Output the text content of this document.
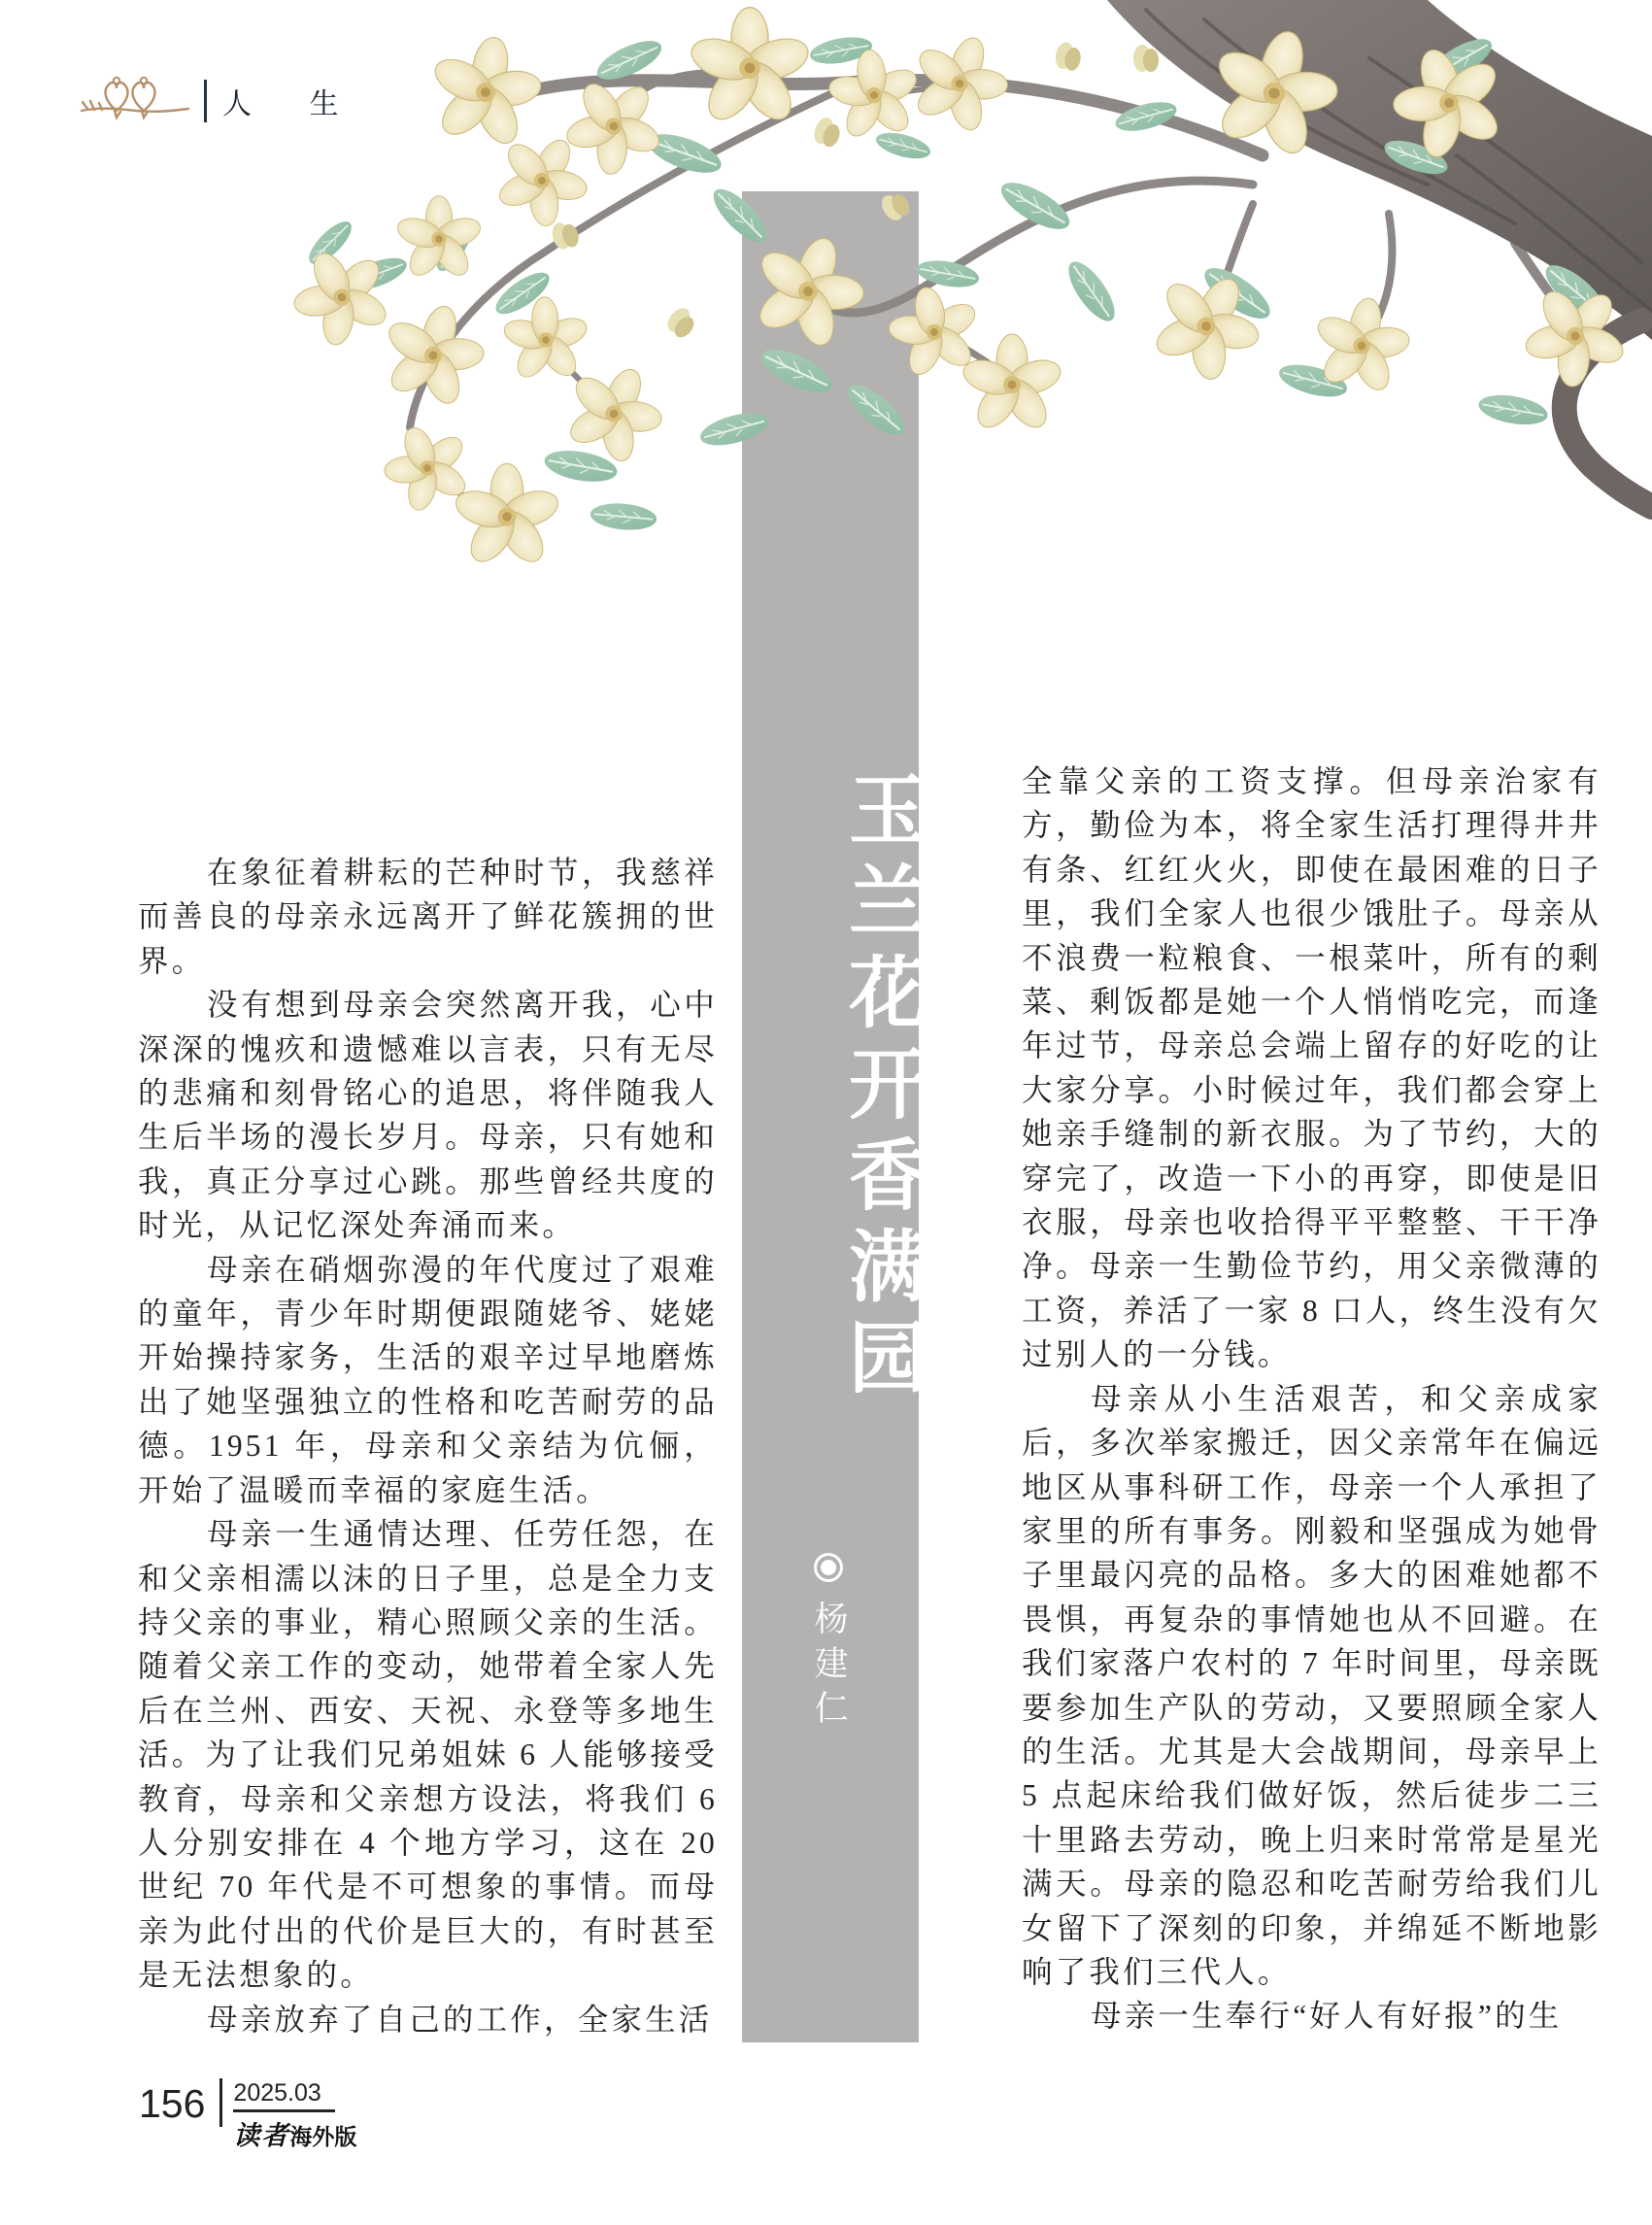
人 生
玉兰花开香满园
杨建仁

在象征着耕耘的芒种时节，我慈祥而善良的母亲永远离开了鲜花簇拥的世界。

没有想到母亲会突然离开我，心中深深的愧疚和遗憾难以言表，只有无尽的悲痛和刻骨铭心的追思，将伴随我人生后半场的漫长岁月。母亲，只有她和我，真正分享过心跳。那些曾经共度的时光，从记忆深处奔涌而来。

母亲在硝烟弥漫的年代度过了艰难的童年，青少年时期便跟随姥爷、姥姥开始操持家务，生活的艰辛过早地磨炼出了她坚强独立的性格和吃苦耐劳的品德。1951 年，母亲和父亲结为伉俪，开始了温暖而幸福的家庭生活。

母亲一生通情达理、任劳任怨，在和父亲相濡以沫的日子里，总是全力支持父亲的事业，精心照顾父亲的生活。随着父亲工作的变动，她带着全家人先后在兰州、西安、天祝、永登等多地生活。为了让我们兄弟姐妹 6 人能够接受教育，母亲和父亲想方设法，将我们 6 人分别安排在 4 个地方学习，这在 20 世纪 70 年代是不可想象的事情。而母亲为此付出的代价是巨大的，有时甚至是无法想象的。

母亲放弃了自己的工作，全家生活

全靠父亲的工资支撑。但母亲治家有方，勤俭为本，将全家生活打理得井井有条、红红火火，即使在最困难的日子里，我们全家人也很少饿肚子。母亲从不浪费一粒粮食、一根菜叶，所有的剩菜、剩饭都是她一个人悄悄吃完，而逢年过节，母亲总会端上留存的好吃的让大家分享。小时候过年，我们都会穿上她亲手缝制的新衣服。为了节约，大的穿完了，改造一下小的再穿，即使是旧衣服，母亲也收拾得平平整整、干干净净。母亲一生勤俭节约，用父亲微薄的工资，养活了一家 8 口人，终生没有欠过别人的一分钱。

母亲从小生活艰苦，和父亲成家后，多次举家搬迁，因父亲常年在偏远地区从事科研工作，母亲一个人承担了家里的所有事务。刚毅和坚强成为她骨子里最闪亮的品格。多大的困难她都不畏惧，再复杂的事情她也从不回避。在我们家落户农村的 7 年时间里，母亲既要参加生产队的劳动，又要照顾全家人的生活。尤其是大会战期间，母亲早上 5 点起床给我们做好饭，然后徒步二三十里路去劳动，晚上归来时常常是星光满天。母亲的隐忍和吃苦耐劳给我们儿女留下了深刻的印象，并绵延不断地影响了我们三代人。

母亲一生奉行“好人有好报”的生

156	2025.03
读者海外版
